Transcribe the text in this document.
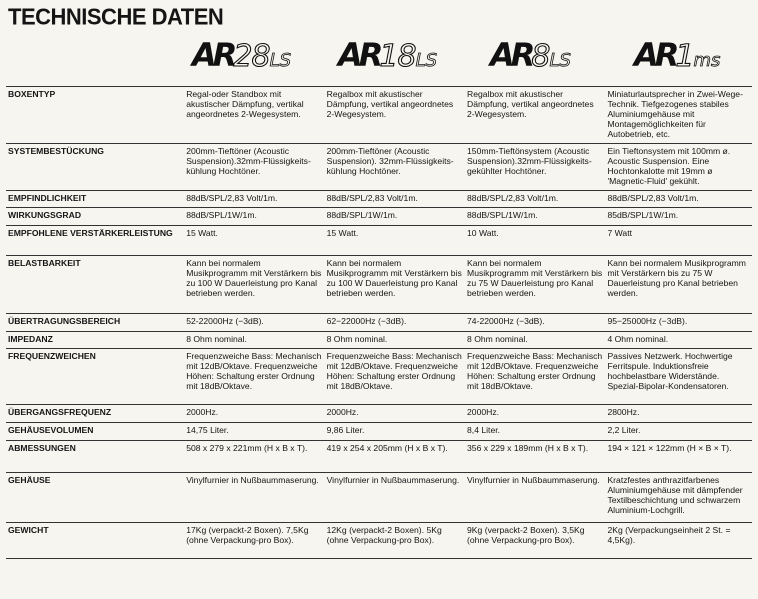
TECHNISCHE DATEN
AR28LS AR18LS AR8LS AR1ms
BOXENTYP	Regal-oder Standbox mit akustischer Dämpfung, vertikal angeordnetes 2-Wegesystem.	Regalbox mit akustischer Dämpfung, vertikal angeordnetes 2-Wegesystem.	Regalbox mit akustischer Dämpfung, vertikal angeordnetes 2-Wegesystem.	Miniaturlautsprecher in Zwei-Wege-Technik. Tiefgezogenes stabiles Aluminiumgehäuse mit Montagemöglichkeiten für Autobetrieb, etc.
SYSTEMBESTÜCKUNG	200mm-Tieftöner (Acoustic Suspension).32mm-Flüssigkeits-kühlung Hochtöner.	200mm-Tieftöner (Acoustic Suspension). 32mm-Flüssigkeits-kühlung Hochtöner.	150mm-Tieftönsystem (Acoustic Suspension).32mm-Flüssigkeits-gekühlter Hochtöner.	Ein Tieftonsystem mit 100mm ø. Acoustic Suspension. Eine Hochtonkalotte mit 19mm ø 'Magnetic-Fluid' gekühlt.
EMPFINDLICHKEIT	88dB/SPL/2,83 Volt/1m.	88dB/SPL/2,83 Volt/1m.	88dB/SPL/2,83 Volt/1m.	88dB/SPL/2,83 Volt/1m.
WIRKUNGSGRAD	88dB/SPL/1W/1m.	88dB/SPL/1W/1m.	88dB/SPL/1W/1m.	85dB/SPL/1W/1m.
EMPFOHLENE VERSTÄRKERLEISTUNG	15 Watt.	15 Watt.	10 Watt.	7 Watt
BELASTBARKEIT	Kann bei normalem Musikprogramm mit Verstärkern bis zu 100 W Dauerleistung pro Kanal betrieben werden.	Kann bei normalem Musikprogramm mit Verstärkern bis zu 100 W Dauerleistung pro Kanal betrieben werden.	Kann bei normalem Musikprogramm mit Verstärkern bis zu 75 W Dauerleistung pro Kanal betrieben werden.	Kann bei normalem Musikprogramm mit Verstärkern bis zu 75 W Dauerleistung pro Kanal betrieben werden.
ÜBERTRAGUNGSBEREICH	52-22000Hz (−3dB).	62−22000Hz (−3dB).	74-22000Hz (−3dB).	95−25000Hz (−3dB).
IMPEDANZ	8 Ohm nominal.	8 Ohm nominal.	8 Ohm nominal.	4 Ohm nominal.
FREQUENZWEICHEN	Frequenzweiche Bass: Mechanisch mit 12dB/Oktave. Frequenzweiche Höhen: Schaltung erster Ordnung mit 18dB/Oktave.	Frequenzweiche Bass: Mechanisch mit 12dB/Oktave. Frequenzweiche Höhen: Schaltung erster Ordnung mit 18dB/Oktave.	Frequenzweiche Bass: Mechanisch mit 12dB/Oktave. Frequenzweiche Höhen: Schaltung erster Ordnung mit 18dB/Oktave.	Passives Netzwerk. Hochwertige Ferritspule. Induktionsfreie hochbelastbare Widerstände. Spezial-Bipolar-Kondensatoren.
ÜBERGANGSFREQUENZ	2000Hz.	2000Hz.	2000Hz.	2800Hz.
GEHÄUSEVOLUMEN	14,75 Liter.	9,86 Liter.	8,4 Liter.	2,2 Liter.
ABMESSUNGEN	508 x 279 x 221mm (H x B x T).	419 x 254 x 205mm (H x B x T).	356 x 229 x 189mm (H x B x T).	194 × 121 × 122mm (H × B × T).
GEHÄUSE	Vinylfurnier in Nußbaummaserung.	Vinylfurnier in Nußbaummaserung.	Vinylfurnier in Nußbaummaserung.	Kratzfestes anthrazitfarbenes Aluminiumgehäuse mit dämpfender Textilbeschichtung und schwarzem Aluminium-Lochgrill.
GEWICHT	17Kg (verpackt-2 Boxen). 7,5Kg (ohne Verpackung-pro Box).	12Kg (verpackt-2 Boxen). 5Kg (ohne Verpackung-pro Box).	9Kg (verpackt-2 Boxen). 3,5Kg (ohne Verpackung-pro Box).	2Kg (Verpackungseinheit 2 St. = 4,5Kg).
